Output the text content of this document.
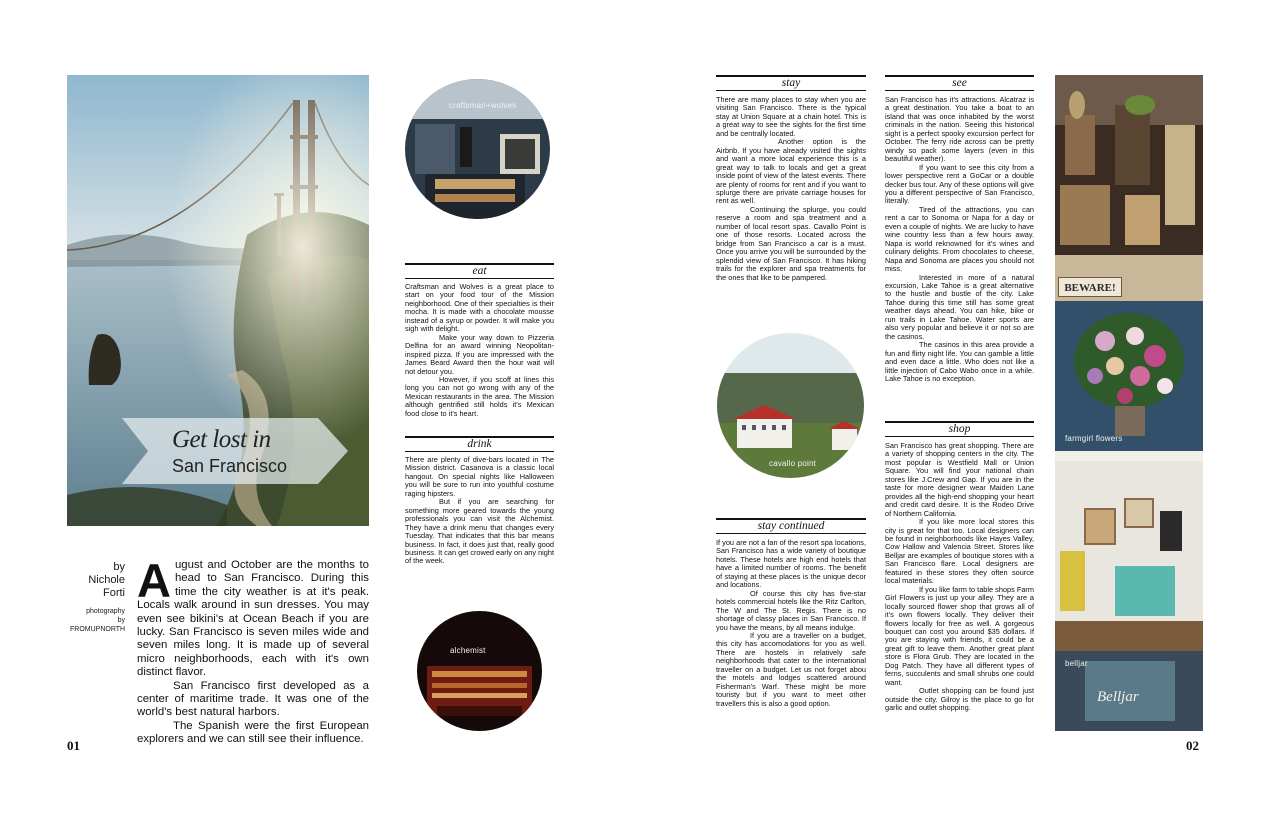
Get lost in
San Francisco
by
Nichole
Forti
photography
by
FROMUPNORTH

August and October are the months to head to San Francisco. During this time the city weather is at it's peak. Locals walk around in sun dresses. You may even see bikini's at Ocean Beach if you are lucky. San Francisco is seven miles wide and seven miles long. It is made up of several micro neighborhoods, each with it's own distinct flavor.

San Francisco first developed as a center of maritime trade. It was one of the world's best natural harbors.

The Spanish were the first European explorers and we can still see their influence.

01
craftsman+wolves
eat

Craftsman and Wolves is a great place to start on your food tour of the Mission neighborhood. One of their specialties is their mocha. It is made with a chocolate mousse instead of a syrup or powder. It will make you sigh with delight.

Make your way down to Pizzeria Delfina for an award winning Neopolitan-inspired pizza. If you are impressed with the James Beard Award then the hour wait will not detour you.

However, if you scoff at lines this long you can not go wrong with any of the Mexican restaurants in the area. The Mission although gentrified still holds it's Mexican food close to it's heart.

drink

There are plenty of dive-bars located in The Mission district. Casanova is a classic local hangout. On special nights like Halloween you will be sure to run into youthful costume raging hipsters.

But if you are searching for something more geared towards the young professionals you can visit the Alchemist. They have a drink menu that changes every Tuesday. That indicates that this bar means business. In fact, it does just that, really good business. It can get crowed early on any night of the week.

alchemist
stay

There are many places to stay when you are visiting San Francisco. There is the typical stay at Union Square at a chain hotel. This is a great way to see the sights for the first time and be centrally located.

Another option is the Airbnb. If you have already visited the sights and want a more local experience this is a great way to talk to locals and get a great inside point of view of the latest events. There are plenty of rooms for rent and if you want to splurge there are private carriage houses for rent as well.

Continuing the splurge, you could reserve a room and spa treatment and a number of local resort spas. Cavallo Point is one of those resorts. Located across the bridge from San Francisco a car is a must. Once you arrive you will be surrounded by the splendid view of San Francisco. It has hiking trails for the explorer and spa treatments for the ones that like to be pampered.

cavallo point
stay continued

If you are not a fan of the resort spa locations, San Francisco has a wide variety of boutique hotels. These hotels are high end hotels that have a limited number of rooms. The benefit of staying at these places is the unique decor and locations.

Of course this city has five-star hotels commercial hotels like the Ritz Carlton, The W and The St. Regis. There is no shortage of classy places in San Francisco. If you have the means, by all means indulge.

If you are a traveller on a budget, this city has accomodations for you as well. There are hostels in relatively safe neighborhoods that cater to the international traveller on a budget. Let us not forget abou the motels and lodges scattered around Fisherman's Warf. These might be more touristy but if you want to meet other travellers this is also a good option.

see

San Francisco has it's attractions. Alcatraz is a great destination. You take a boat to an island that was once inhabited by the worst criminals in the nation. Seeing this historical sight is a perfect spooky excursion perfect for October. The ferry ride across can be pretty windy so pack some layers (even in this beautiful weather).

If you want to see this city from a lower perspective rent a GoCar or a double decker bus tour. Any of these options will give you a different perspective of San Francisco, literally.

Tired of the attractions, you can rent a car to Sonoma or Napa for a day or even a couple of nights. We are lucky to have wine country less than a few hours away. Napa is world reknowned for it's wines and culinary delights. From chocolates to cheese, Napa and Sonoma are places you should not miss.

Interested in more of a natural excursion, Lake Tahoe is a great alternative to the hustle and bustle of the city. Lake Tahoe during this time still has some great weather days ahead. You can hike, bike or run trails in Lake Tahoe. Water sports are also very popular and believe it or not so are the casinos.

The casinos in this area provide a fun and flirty night life. You can gamble a little and even dace a little. Who does not like a little injection of Cabo Wabo once in a while. Lake Tahoe is no exception.

shop

San Francisco has great shopping. There are a variety of shopping centers in the city. The most popular is Westfield Mall or Union Square. You will find your national chain stores like J.Crew and Gap. If you are in the taste for more designer wear Maiden Lane provides all the high-end shopping your heart and credit card desire. It is the Rodeo Drive of Northern California.

If you like more local stores this city is great for that too. Local designers can be found in neighborhoods like Hayes Valley, Cow Hallow and Valencia Street. Stores like Belljar are examples of boutique stores with a San Francisco flare. Local designers are featured in these stores they often source local materials.

If you like farm to table shops Farm Girl Flowers is just up your alley. They are a locally sourced flower shop that grows all of it's own flowers locally. They deliver their flowers locally for free as well. A gorgeous bouquet can cost you around $35 dollars. If you are staying with friends, it could be a great gift to leave them. Another great plant store is Flora Grub. They are located in the Dog Patch. They have all different types of ferns, succulents and small shrubs one could want.

Outlet shopping can be found just outside the city. Gilroy is the place to go for garlic and outlet shopping.

BEWARE!
farmgirl flowers
belljar
Belljar
02
